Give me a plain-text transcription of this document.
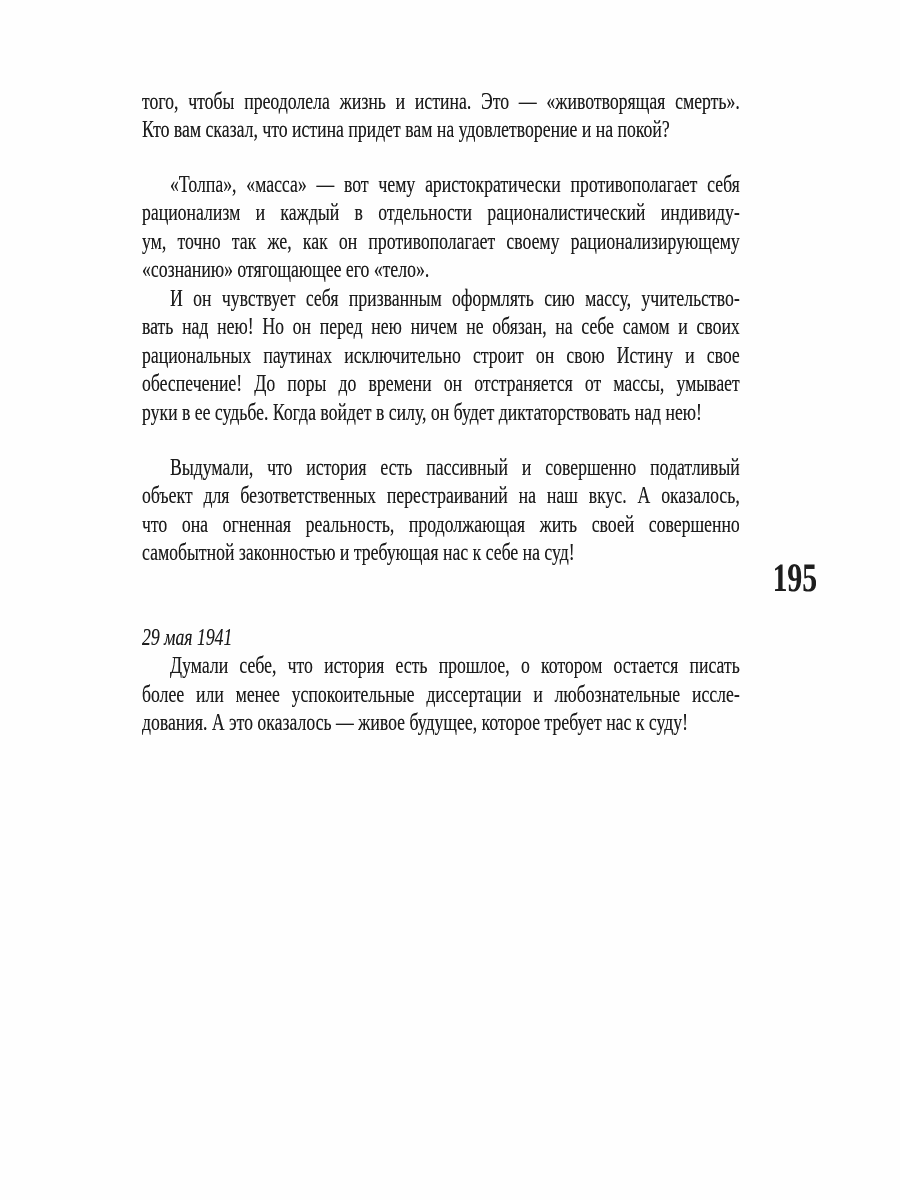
того, чтобы преодолела жизнь и истина. Это — «животворящая смерть».
Кто вам сказал, что истина придет вам на удовлетворение и на покой?
«Толпа», «масса» — вот чему аристократически противополагает себя
рационализм и каждый в отдельности рационалистический индивиду-
ум, точно так же, как он противополагает своему рационализирующему
«сознанию» отягощающее его «тело».
И он чувствует себя призванным оформлять сию массу, учительство-
вать над нею! Но он перед нею ничем не обязан, на себе самом и своих
рациональных паутинах исключительно строит он свою Истину и свое
обеспечение! До поры до времени он отстраняется от массы, умывает
руки в ее судьбе. Когда войдет в силу, он будет диктаторствовать над нею!
Выдумали, что история есть пассивный и совершенно податливый
объект для безответственных перестраиваний на наш вкус. А оказалось,
что она огненная реальность, продолжающая жить своей совершенно
самобытной законностью и требующая нас к себе на суд!
29 мая 1941
Думали себе, что история есть прошлое, о котором остается писать
более или менее успокоительные диссертации и любознательные иссле-
дования. А это оказалось — живое будущее, которое требует нас к суду!
195
